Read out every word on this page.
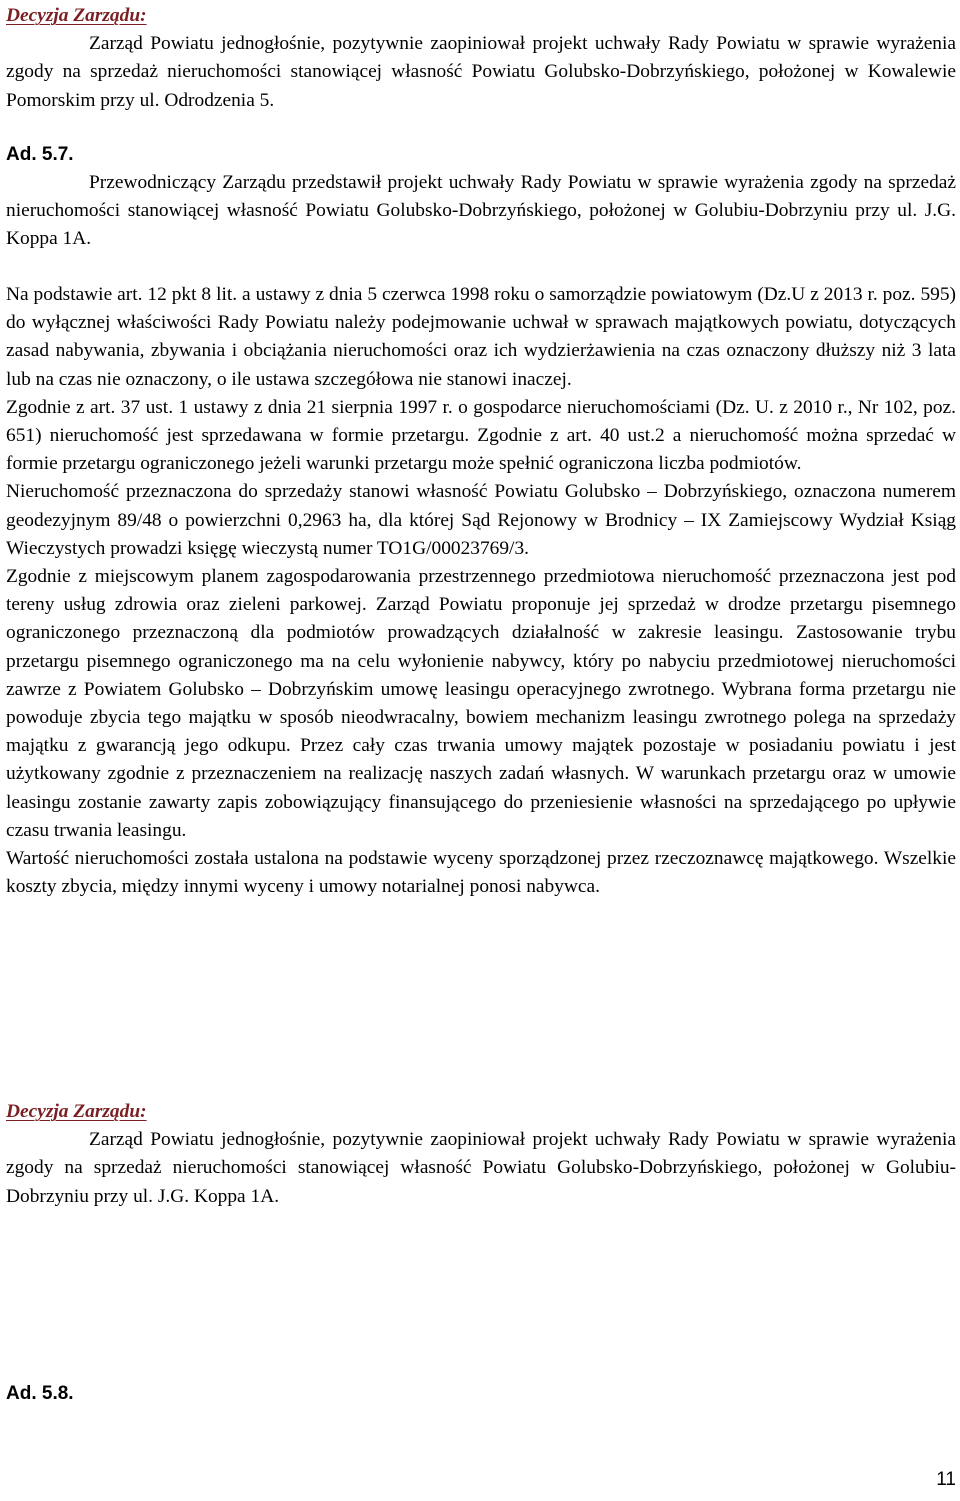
Decyzja Zarządu:

Zarząd Powiatu jednogłośnie, pozytywnie zaopiniował projekt uchwały Rady Powiatu w sprawie wyrażenia zgody na sprzedaż nieruchomości stanowiącej własność Powiatu Golubsko-Dobrzyńskiego, położonej w Kowalewie Pomorskim przy ul. Odrodzenia 5.

Ad. 5.7.

Przewodniczący Zarządu przedstawił projekt uchwały Rady Powiatu w sprawie wyrażenia zgody na sprzedaż nieruchomości stanowiącej własność Powiatu Golubsko-Dobrzyńskiego, położonej w Golubiu-Dobrzyniu przy ul. J.G. Koppa 1A.

Na podstawie art. 12 pkt 8 lit. a ustawy z dnia 5 czerwca 1998 roku o samorządzie powiatowym (Dz.U z 2013 r. poz. 595) do wyłącznej właściwości Rady Powiatu należy podejmowanie uchwał w sprawach majątkowych powiatu, dotyczących zasad nabywania, zbywania i obciążania nieruchomości oraz ich wydzierżawienia na czas oznaczony dłuższy niż 3 lata lub na czas nie oznaczony, o ile ustawa szczegółowa nie stanowi inaczej.

Zgodnie z art. 37 ust. 1 ustawy z dnia 21 sierpnia 1997 r. o gospodarce nieruchomościami (Dz. U. z 2010 r., Nr 102, poz. 651) nieruchomość jest sprzedawana w formie przetargu. Zgodnie z art. 40 ust.2 a nieruchomość można sprzedać w formie przetargu ograniczonego jeżeli warunki przetargu może spełnić ograniczona liczba podmiotów.

Nieruchomość przeznaczona do sprzedaży stanowi własność Powiatu Golubsko – Dobrzyńskiego, oznaczona numerem geodezyjnym 89/48 o powierzchni 0,2963 ha, dla której Sąd Rejonowy w Brodnicy – IX Zamiejscowy Wydział Ksiąg Wieczystych prowadzi księgę wieczystą numer TO1G/00023769/3.

Zgodnie z miejscowym planem zagospodarowania przestrzennego przedmiotowa nieruchomość przeznaczona jest pod tereny usług zdrowia oraz zieleni parkowej. Zarząd Powiatu proponuje jej sprzedaż w drodze przetargu pisemnego ograniczonego przeznaczoną dla podmiotów prowadzących działalność w zakresie leasingu. Zastosowanie trybu przetargu pisemnego ograniczonego ma na celu wyłonienie nabywcy, który po nabyciu przedmiotowej nieruchomości zawrze z Powiatem Golubsko – Dobrzyńskim umowę leasingu operacyjnego zwrotnego. Wybrana forma przetargu nie powoduje zbycia tego majątku w sposób nieodwracalny, bowiem mechanizm leasingu zwrotnego polega na sprzedaży majątku z gwarancją jego odkupu. Przez cały czas trwania umowy majątek pozostaje w posiadaniu powiatu i jest użytkowany zgodnie z przeznaczeniem na realizację naszych zadań własnych. W warunkach przetargu oraz w umowie leasingu zostanie zawarty zapis zobowiązujący finansującego do przeniesienie własności na sprzedającego po upływie czasu trwania leasingu.

Wartość nieruchomości została ustalona na podstawie wyceny sporządzonej przez rzeczoznawcę majątkowego. Wszelkie koszty zbycia, między innymi wyceny i umowy notarialnej ponosi nabywca.

Decyzja Zarządu:

Zarząd Powiatu jednogłośnie, pozytywnie zaopiniował projekt uchwały Rady Powiatu w sprawie wyrażenia zgody na sprzedaż nieruchomości stanowiącej własność Powiatu Golubsko-Dobrzyńskiego, położonej w Golubiu-Dobrzyniu przy ul. J.G. Koppa 1A.

Ad. 5.8.

11
